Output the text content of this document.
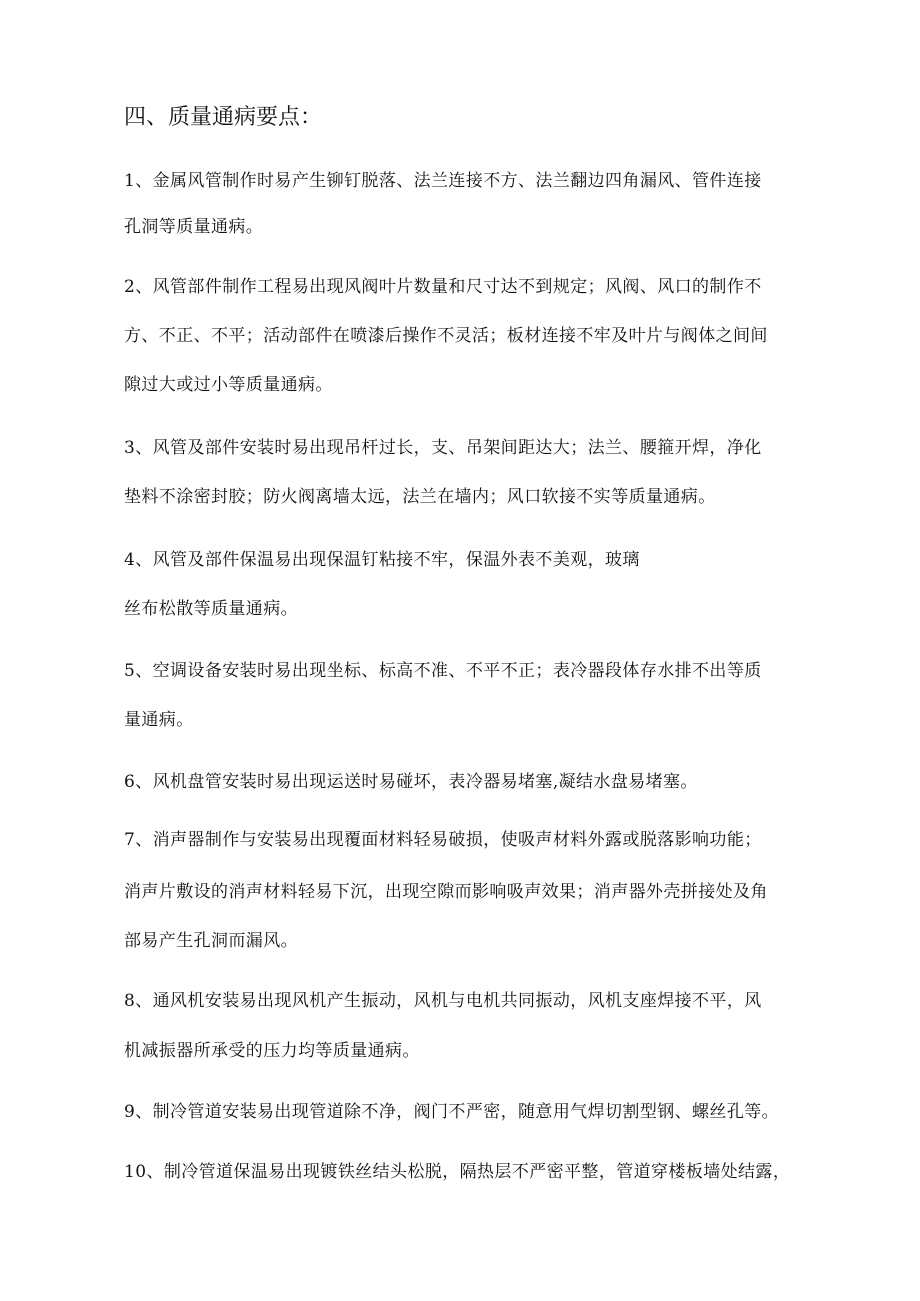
四、质量通病要点：
1、金属风管制作时易产生铆钉脱落、法兰连接不方、法兰翻边四角漏风、管件连接
孔洞等质量通病。
2、风管部件制作工程易出现风阀叶片数量和尺寸达不到规定；风阀、风口的制作不
方、不正、不平；活动部件在喷漆后操作不灵活；板材连接不牢及叶片与阀体之间间
隙过大或过小等质量通病。
3、风管及部件安装时易出现吊杆过长，支、吊架间距达大；法兰、腰箍开焊，净化
垫料不涂密封胶；防火阀离墙太远，法兰在墙内；风口软接不实等质量通病。
4、风管及部件保温易出现保温钉粘接不牢，保温外表不美观，玻璃
丝布松散等质量通病。
5、空调设备安装时易出现坐标、标高不准、不平不正；表冷器段体存水排不出等质
量通病。
6、风机盘管安装时易出现运送时易碰坏，表冷器易堵塞,凝结水盘易堵塞。
7、消声器制作与安装易出现覆面材料轻易破损，使吸声材料外露或脱落影响功能；
消声片敷设的消声材料轻易下沉，出现空隙而影响吸声效果；消声器外壳拼接处及角
部易产生孔洞而漏风。
8、通风机安装易出现风机产生振动，风机与电机共同振动，风机支座焊接不平，风
机减振器所承受的压力均等质量通病。
9、制冷管道安装易出现管道除不净，阀门不严密，随意用气焊切割型钢、螺丝孔等。
10、制冷管道保温易出现镀铁丝结头松脱，隔热层不严密平整，管道穿楼板墙处结露，
